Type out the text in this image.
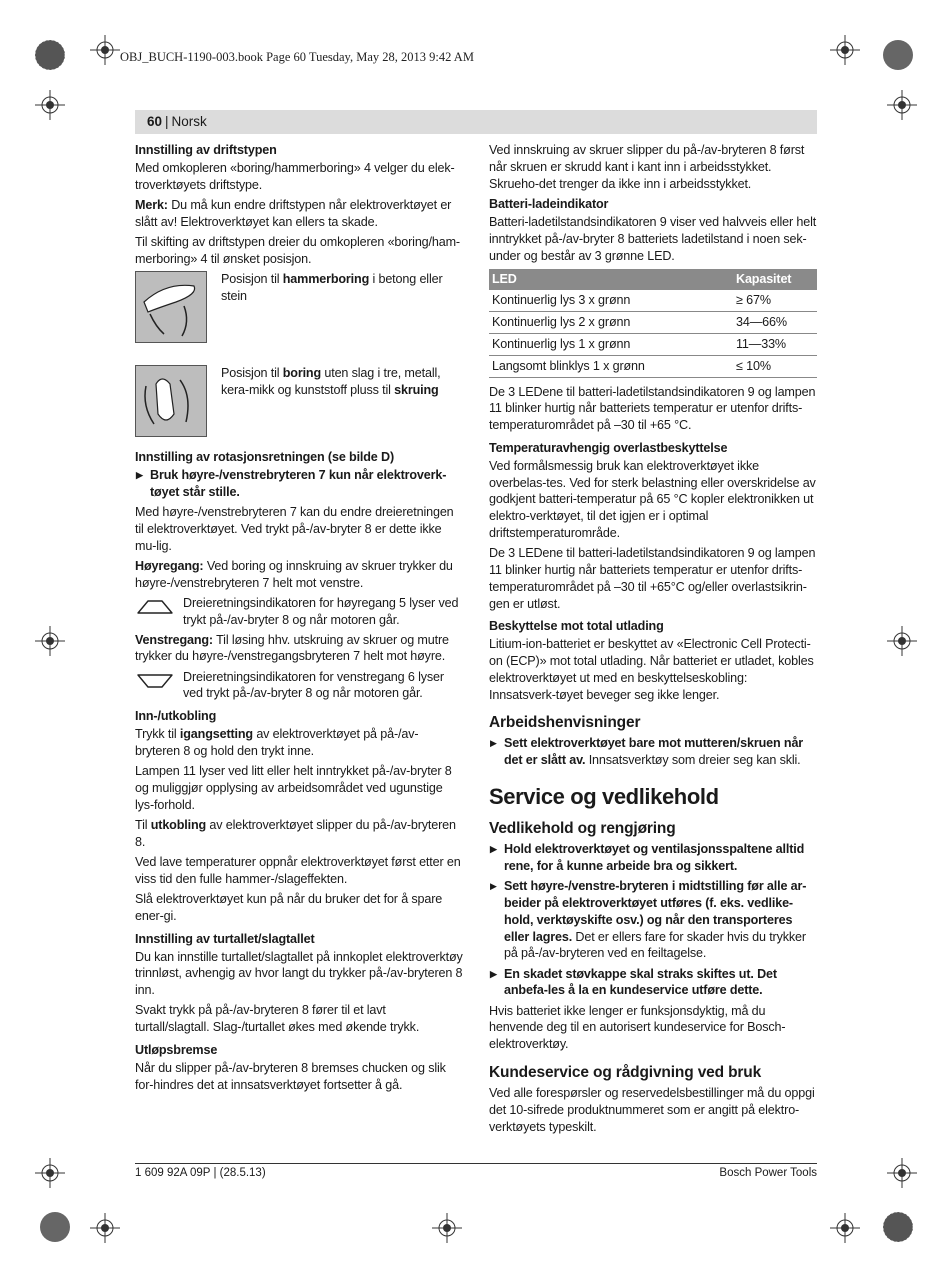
OBJ_BUCH-1190-003.book Page 60 Tuesday, May 28, 2013 9:42 AM
60 | Norsk

Innstilling av driftstypen

Med omkopleren «boring/hammerboring» 4 velger du elek-troverktøyets driftstype.

Merk: Du må kun endre driftstypen når elektroverktøyet er slått av! Elektroverktøyet kan ellers ta skade.

Til skifting av driftstypen dreier du omkopleren «boring/ham-merboring» 4 til ønsket posisjon.

Posisjon til hammerboring i betong eller stein
Posisjon til boring uten slag i tre, metall, kera-mikk og kunststoff pluss til skruing

Innstilling av rotasjonsretningen (se bilde D)

▶ Bruk høyre-/venstrebryteren 7 kun når elektroverk-tøyet står stille.

Med høyre-/venstrebryteren 7 kan du endre dreieretningen til elektroverktøyet. Ved trykt på-/av-bryter 8 er dette ikke mu-lig.

Høyregang: Ved boring og innskruing av skruer trykker du høyre-/venstrebryteren 7 helt mot venstre.

Dreieretningsindikatoren for høyregang 5 lyser ved trykt på-/av-bryter 8 og når motoren går.

Venstregang: Til løsing hhv. utskruing av skruer og mutre trykker du høyre-/venstregangsbryteren 7 helt mot høyre.

Dreieretningsindikatoren for venstregang 6 lyser ved trykt på-/av-bryter 8 og når motoren går.

Inn-/utkobling

Trykk til igangsetting av elektroverktøyet på på-/av-bryteren 8 og hold den trykt inne.

Lampen 11 lyser ved litt eller helt inntrykket på-/av-bryter 8 og muliggjør opplysing av arbeidsområdet ved ugunstige lys-forhold.

Til utkobling av elektroverktøyet slipper du på-/av-bryteren 8.

Ved lave temperaturer oppnår elektroverktøyet først etter en viss tid den fulle hammer-/slageffekten.

Slå elektroverktøyet kun på når du bruker det for å spare ener-gi.

Innstilling av turtallet/slagtallet

Du kan innstille turtallet/slagtallet på innkoplet elektroverktøy trinnløst, avhengig av hvor langt du trykker på-/av-bryteren 8 inn.

Svakt trykk på på-/av-bryteren 8 fører til et lavt turtall/slagtall. Slag-/turtallet økes med økende trykk.

Utløpsbremse

Når du slipper på-/av-bryteren 8 bremses chucken og slik for-hindres det at innsatsverktøyet fortsetter å gå.

Ved innskruing av skruer slipper du på-/av-bryteren 8 først når skruen er skrudd kant i kant inn i arbeidsstykket. Skrueho-det trenger da ikke inn i arbeidsstykket.

Batteri-ladeindikator

Batteri-ladetilstandsindikatoren 9 viser ved halvveis eller helt inntrykket på-/av-bryter 8 batteriets ladetilstand i noen sek-under og består av 3 grønne LED.

LED	Kapasitet
Kontinuerlig lys 3 x grønn	≥ 67%
Kontinuerlig lys 2 x grønn	34—66%
Kontinuerlig lys 1 x grønn	11—33%
Langsomt blinklys 1 x grønn	≤ 10%

De 3 LEDene til batteri-ladetilstandsindikatoren 9 og lampen 11 blinker hurtig når batteriets temperatur er utenfor drifts-temperaturområdet på –30 til +65 °C.

Temperaturavhengig overlastbeskyttelse

Ved formålsmessig bruk kan elektroverktøyet ikke overbelas-tes. Ved for sterk belastning eller overskridelse av godkjent batteri-temperatur på 65 °C kopler elektronikken ut elektro-verktøyet, til det igjen er i optimal driftstemperaturområde.

De 3 LEDene til batteri-ladetilstandsindikatoren 9 og lampen 11 blinker hurtig når batteriets temperatur er utenfor drifts-temperaturområdet på –30 til +65°C og/eller overlastsikrin-gen er utløst.

Beskyttelse mot total utlading

Litium-ion-batteriet er beskyttet av «Electronic Cell Protecti-on (ECP)» mot total utlading. Når batteriet er utladet, kobles elektroverktøyet ut med en beskyttelseskobling: Innsatsverk-tøyet beveger seg ikke lenger.

Arbeidshenvisninger

▶ Sett elektroverktøyet bare mot mutteren/skruen når det er slått av. Innsatsverktøy som dreier seg kan skli.

Service og vedlikehold

Vedlikehold og rengjøring

▶ Hold elektroverktøyet og ventilasjonsspaltene alltid rene, for å kunne arbeide bra og sikkert.

▶ Sett høyre-/venstre-bryteren i midtstilling før alle ar-beider på elektroverktøyet utføres (f. eks. vedlike-hold, verktøyskifte osv.) og når den transporteres eller lagres. Det er ellers fare for skader hvis du trykker på på-/av-bryteren ved en feiltagelse.

▶ En skadet støvkappe skal straks skiftes ut. Det anbefa-les å la en kundeservice utføre dette.

Hvis batteriet ikke lenger er funksjonsdyktig, må du henvende deg til en autorisert kundeservice for Bosch-elektroverktøy.

Kundeservice og rådgivning ved bruk

Ved alle forespørsler og reservedelsbestillinger må du oppgi det 10-sifrede produktnummeret som er angitt på elektro-verktøyets typeskilt.

1 609 92A 09P | (28.5.13)	Bosch Power Tools
